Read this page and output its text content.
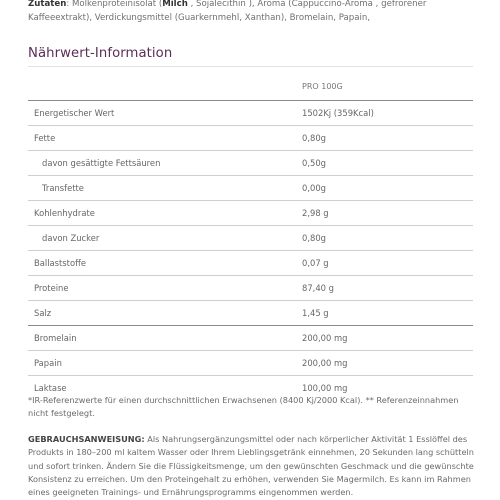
Zutaten: Molkenproteinisolat (Milch , Sojalecithin ), Aroma (Cappuccino-Aroma , gefrorener Kaffeeextrakt), Verdickungsmittel (Guarkernmehl, Xanthan), Bromelain, Papain,
Nährwert-Information
	PRO 100G
Energetischer Wert	1502Kj (359Kcal)
Fette	0,80g
davon gesättigte Fettsäuren	0,50g
Transfette	0,00g
Kohlenhydrate	2,98 g
davon Zucker	0,80g
Ballaststoffe	0,07 g
Proteine	87,40 g
Salz	1,45 g
Bromelain	200,00 mg
Papain	200,00 mg
Laktase	100,00 mg
*IR-Referenzwerte für einen durchschnittlichen Erwachsenen (8400 Kj/2000 Kcal). ** Referenzeinnahmen nicht festgelegt.
GEBRAUCHSANWEISUNG: Als Nahrungsergänzungsmittel oder nach körperlicher Aktivität 1 Esslöffel des Produkts in 180–200 ml kaltem Wasser oder Ihrem Lieblingsgetränk einnehmen, 20 Sekunden lang schütteln und sofort trinken. Ändern Sie die Flüssigkeitsmenge, um den gewünschten Geschmack und die gewünschte Konsistenz zu erreichen. Um den Proteingehalt zu erhöhen, verwenden Sie Magermilch. Es kann im Rahmen eines geeigneten Trainings- und Ernährungsprogramms eingenommen werden.
